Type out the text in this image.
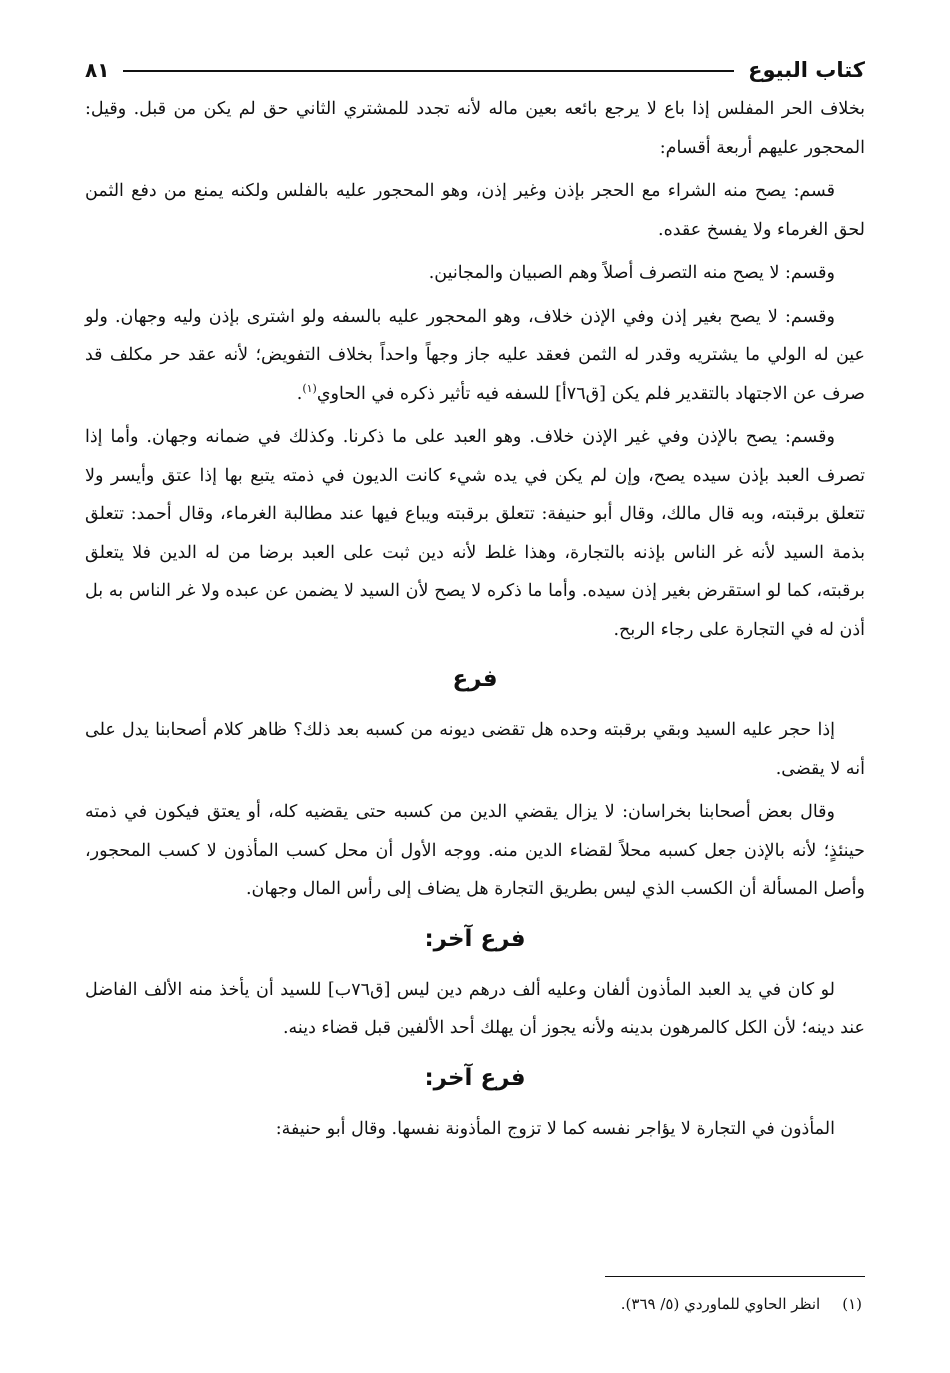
كتاب البيوع
٨١

بخلاف الحر المفلس إذا باع لا يرجع بائعه بعين ماله لأنه تجدد للمشتري الثاني حق لم يكن من قبل. وقيل: المحجور عليهم أربعة أقسام:

قسم: يصح منه الشراء مع الحجر بإذن وغير إذن، وهو المحجور عليه بالفلس ولكنه يمنع من دفع الثمن لحق الغرماء ولا يفسخ عقده.

وقسم: لا يصح منه التصرف أصلاً وهم الصبيان والمجانين.

وقسم: لا يصح بغير إذن وفي الإذن خلاف، وهو المحجور عليه بالسفه ولو اشترى بإذن وليه وجهان. ولو عين له الولي ما يشتريه وقدر له الثمن فعقد عليه جاز وجهاً واحداً بخلاف التفويض؛ لأنه عقد حر مكلف قد صرف عن الاجتهاد بالتقدير فلم يكن [ق٧٦أ] للسفه فيه تأثير ذكره في الحاوي$^{(١)}$.

وقسم: يصح بالإذن وفي غير الإذن خلاف. وهو العبد على ما ذكرنا. وكذلك في ضمانه وجهان. وأما إذا تصرف العبد بإذن سيده يصح، وإن لم يكن في يده شيء كانت الديون في ذمته يتبع بها إذا عتق وأيسر ولا تتعلق برقبته، وبه قال مالك، وقال أبو حنيفة: تتعلق برقبته ويباع فيها عند مطالبة الغرماء، وقال أحمد: تتعلق بذمة السيد لأنه غر الناس بإذنه بالتجارة، وهذا غلط لأنه دين ثبت على العبد برضا من له الدين فلا يتعلق برقبته، كما لو استقرض بغير إذن سيده. وأما ما ذكره لا يصح لأن السيد لا يضمن عن عبده ولا غر الناس به بل أذن له في التجارة على رجاء الربح.

فرع

إذا حجر عليه السيد وبقي برقبته وحده هل تقضى ديونه من كسبه بعد ذلك؟ ظاهر كلام أصحابنا يدل على أنه لا يقضى.

وقال بعض أصحابنا بخراسان: لا يزال يقضي الدين من كسبه حتى يقضيه كله، أو يعتق فيكون في ذمته حينئذٍ؛ لأنه بالإذن جعل كسبه محلاً لقضاء الدين منه. ووجه الأول أن محل كسب المأذون لا كسب المحجور، وأصل المسألة أن الكسب الذي ليس بطريق التجارة هل يضاف إلى رأس المال وجهان.

فرع آخر:

لو كان في يد العبد المأذون ألفان وعليه ألف درهم دين ليس [ق٧٦ب] للسيد أن يأخذ منه الألف الفاضل عند دينه؛ لأن الكل كالمرهون بدينه ولأنه يجوز أن يهلك أحد الألفين قبل قضاء دينه.

فرع آخر:

المأذون في التجارة لا يؤاجر نفسه كما لا تزوج المأذونة نفسها. وقال أبو حنيفة:

(١)انظر الحاوي للماوردي (٥/ ٣٦٩).
